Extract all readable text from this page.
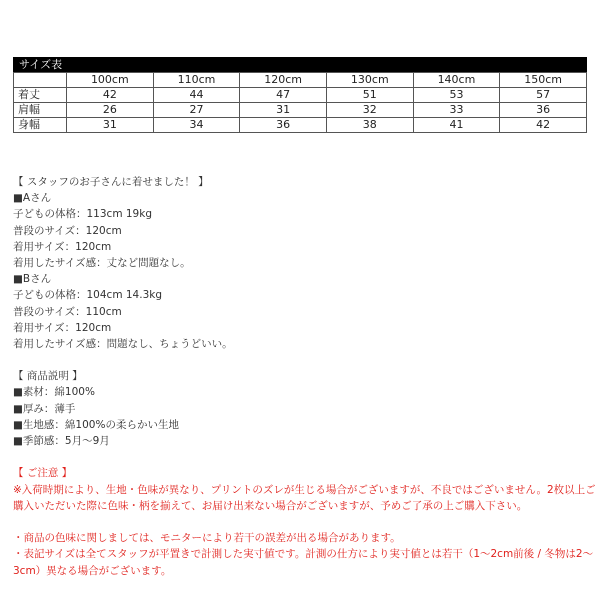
サイズ表
	100cm	110cm	120cm	130cm	140cm	150cm
着丈	42	44	47	51	53	57
肩幅	26	27	31	32	33	36
身幅	31	34	36	38	41	42
【 スタッフのお子さんに着せました！ 】
■Aさん
子どもの体格：113cm 19kg
普段のサイズ：120cm
着用サイズ：120cm
着用したサイズ感：丈など問題なし。
■Bさん
子どもの体格：104cm 14.3kg
普段のサイズ：110cm
着用サイズ：120cm
着用したサイズ感：問題なし、ちょうどいい。
【 商品説明 】
■素材：綿100%
■厚み：薄手
■生地感：綿100%の柔らかい生地
■季節感：5月〜9月
【 ご注意 】
※入荷時期により、生地・色味が異なり、プリントのズレが生じる場合がございますが、不良ではございません。2枚以上ご
購入いただいた際に色味・柄を揃えて、お届け出来ない場合がございますが、予めご了承の上ご購入下さい。
・商品の色味に関しましては、モニターにより若干の誤差が出る場合があります。
・表記サイズは全てスタッフが平置きで計測した実寸値です。計測の仕方により実寸値とは若干（1〜2cm前後 / 冬物は2〜
3cm）異なる場合がございます。
